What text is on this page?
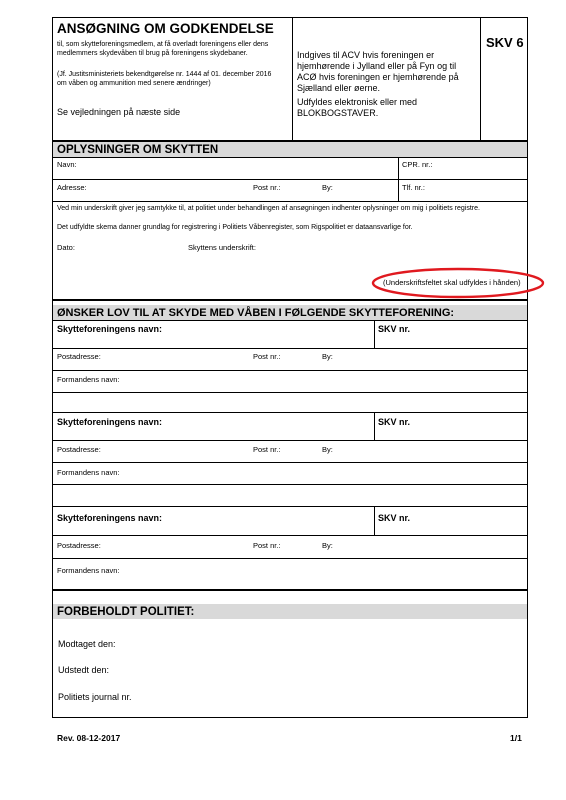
ANSØGNING OM GODKENDELSE
til, som skytteforeningsmedlem, at få overladt foreningens eller dens medlemmers skydevåben til brug på foreningens skydebaner.
(Jf. Justitsministeriets bekendtgørelse nr. 1444 af 01. december 2016 om våben og ammunition med senere ændringer)
Se vejledningen på næste side
Indgives til ACV hvis foreningen er hjemhørende i Jylland eller på Fyn og til ACØ hvis foreningen er hjemhørende på Sjælland eller øerne.
Udfyldes elektronisk eller med BLOKBOGSTAVER.
SKV 6
OPLYSNINGER OM SKYTTEN
Navn:	CPR. nr.:
Adresse:	Post nr.:	By:	Tlf. nr.:
Ved min underskrift giver jeg samtykke til, at politiet under behandlingen af ansøgningen indhenter oplysninger om mig i politiets registre.
Det udfyldte skema danner grundlag for registrering i Politiets Våbenregister, som Rigspolitiet er dataansvarlige for.
Dato:	Skyttens underskrift:
(Underskriftsfeltet skal udfyldes i hånden)
ØNSKER LOV TIL AT SKYDE MED VÅBEN I FØLGENDE SKYTTEFORENING:
Skytteforeningens navn:	SKV nr.
Postadresse:	Post nr.:	By:
Formandens navn:
Skytteforeningens navn:	SKV nr.
Postadresse:	Post nr.:	By:
Formandens navn:
Skytteforeningens navn:	SKV nr.
Postadresse:	Post nr.:	By:
Formandens navn:
FORBEHOLDT POLITIET:
Modtaget den:
Udstedt den:
Politiets journal nr.
Rev. 08-12-2017	1/1
